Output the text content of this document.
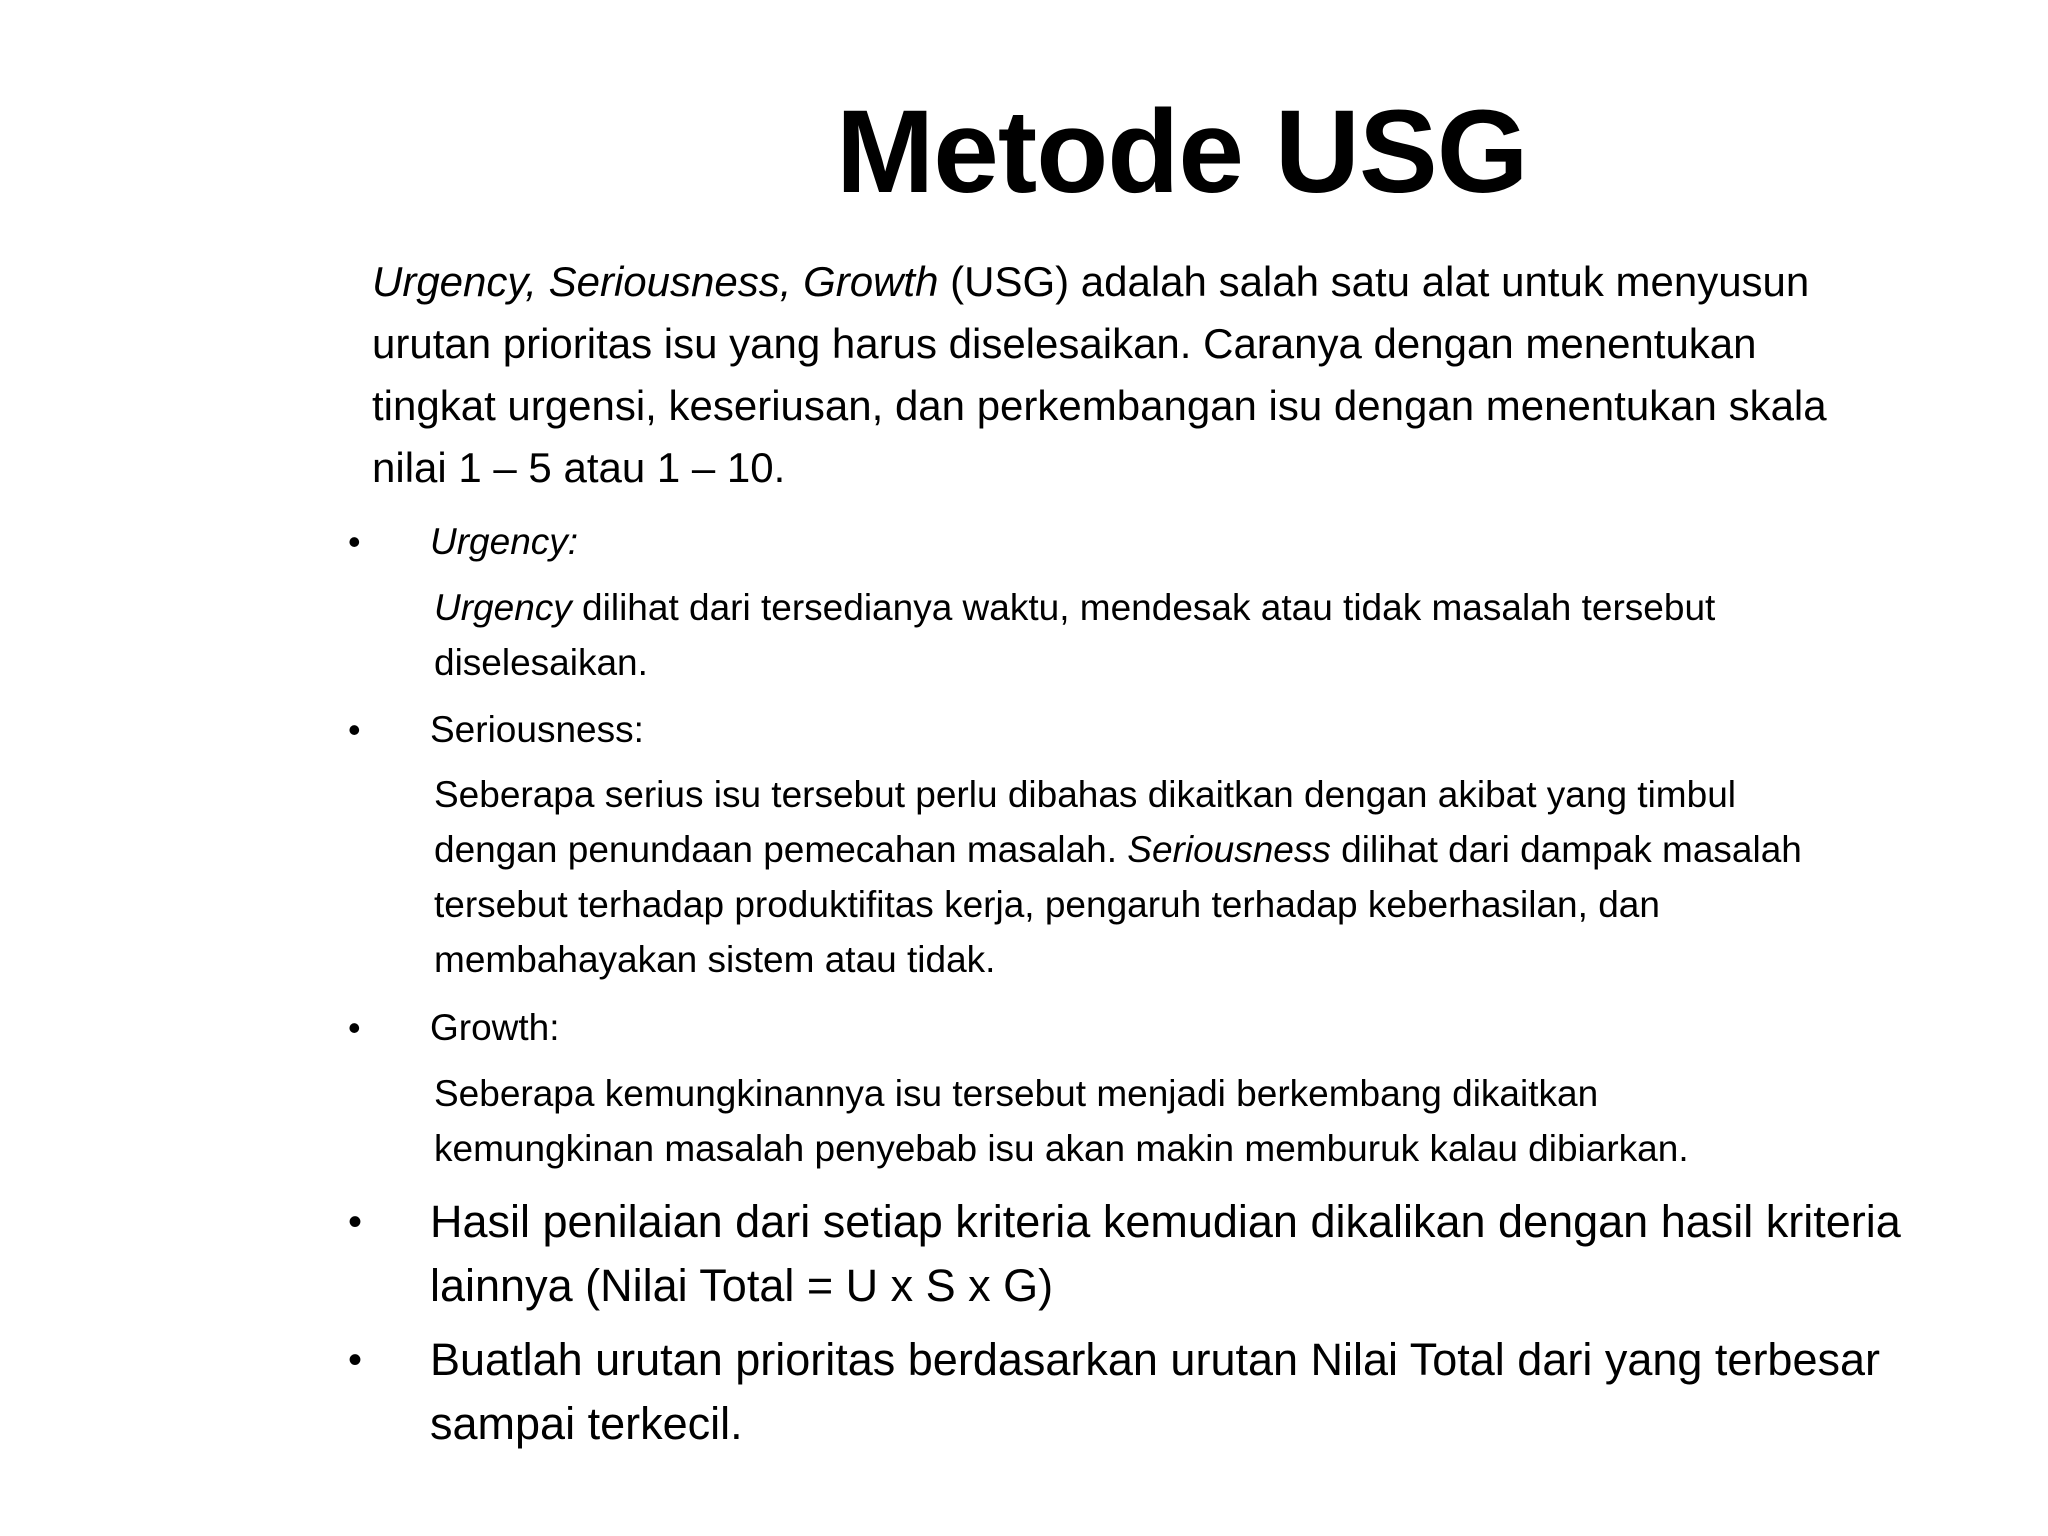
Metode USG
Urgency, Seriousness, Growth (USG) adalah salah satu alat untuk menyusun
urutan prioritas isu yang harus diselesaikan. Caranya dengan menentukan
tingkat urgensi, keseriusan, dan perkembangan isu dengan menentukan skala
nilai 1 – 5 atau 1 – 10.
• Urgency:
Urgency dilihat dari tersedianya waktu, mendesak atau tidak masalah tersebut
diselesaikan.
• Seriousness:
Seberapa serius isu tersebut perlu dibahas dikaitkan dengan akibat yang timbul
dengan penundaan pemecahan masalah. Seriousness dilihat dari dampak masalah
tersebut terhadap produktifitas kerja, pengaruh terhadap keberhasilan, dan
membahayakan sistem atau tidak.
• Growth:
Seberapa kemungkinannya isu tersebut menjadi berkembang dikaitkan
kemungkinan masalah penyebab isu akan makin memburuk kalau dibiarkan.
• Hasil penilaian dari setiap kriteria kemudian dikalikan dengan hasil kriteria
lainnya (Nilai Total = U x S x G)
• Buatlah urutan prioritas berdasarkan urutan Nilai Total dari yang terbesar
sampai terkecil.
